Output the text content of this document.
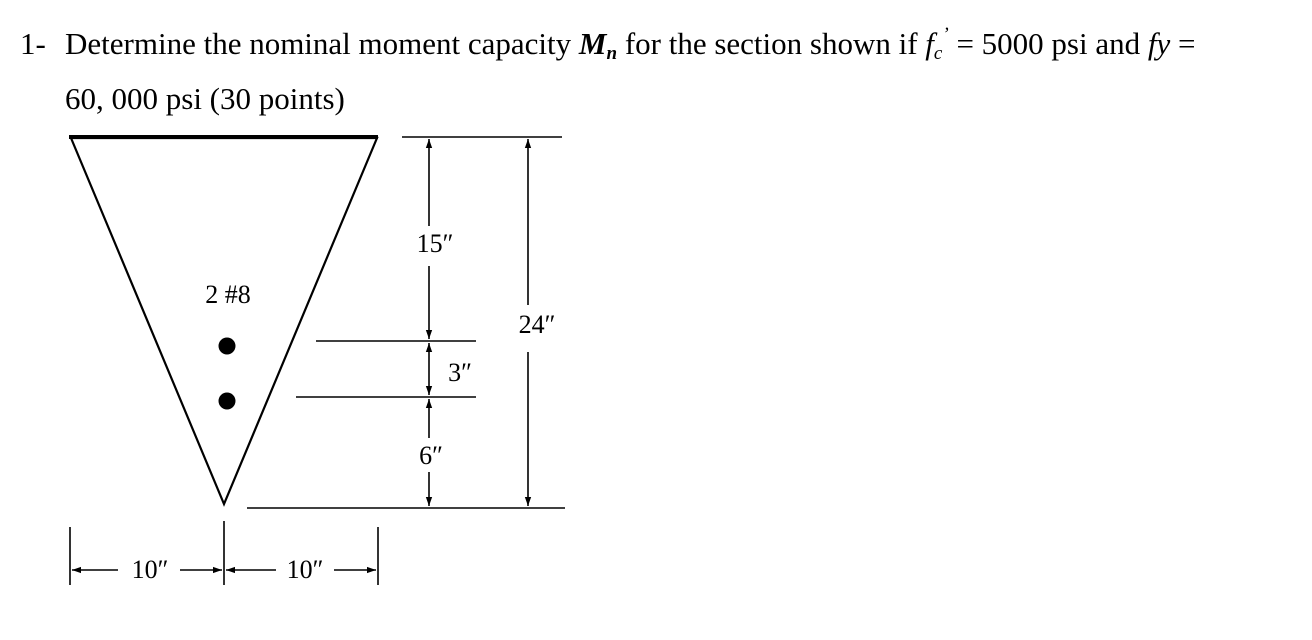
1- Determine the nominal moment capacity $M_n$ for the section shown if $f_c^’ = 5000$ psi and fy =
60, 000 psi (30 points)
2 #8
15″
3″
6″
24″
10″	10″
